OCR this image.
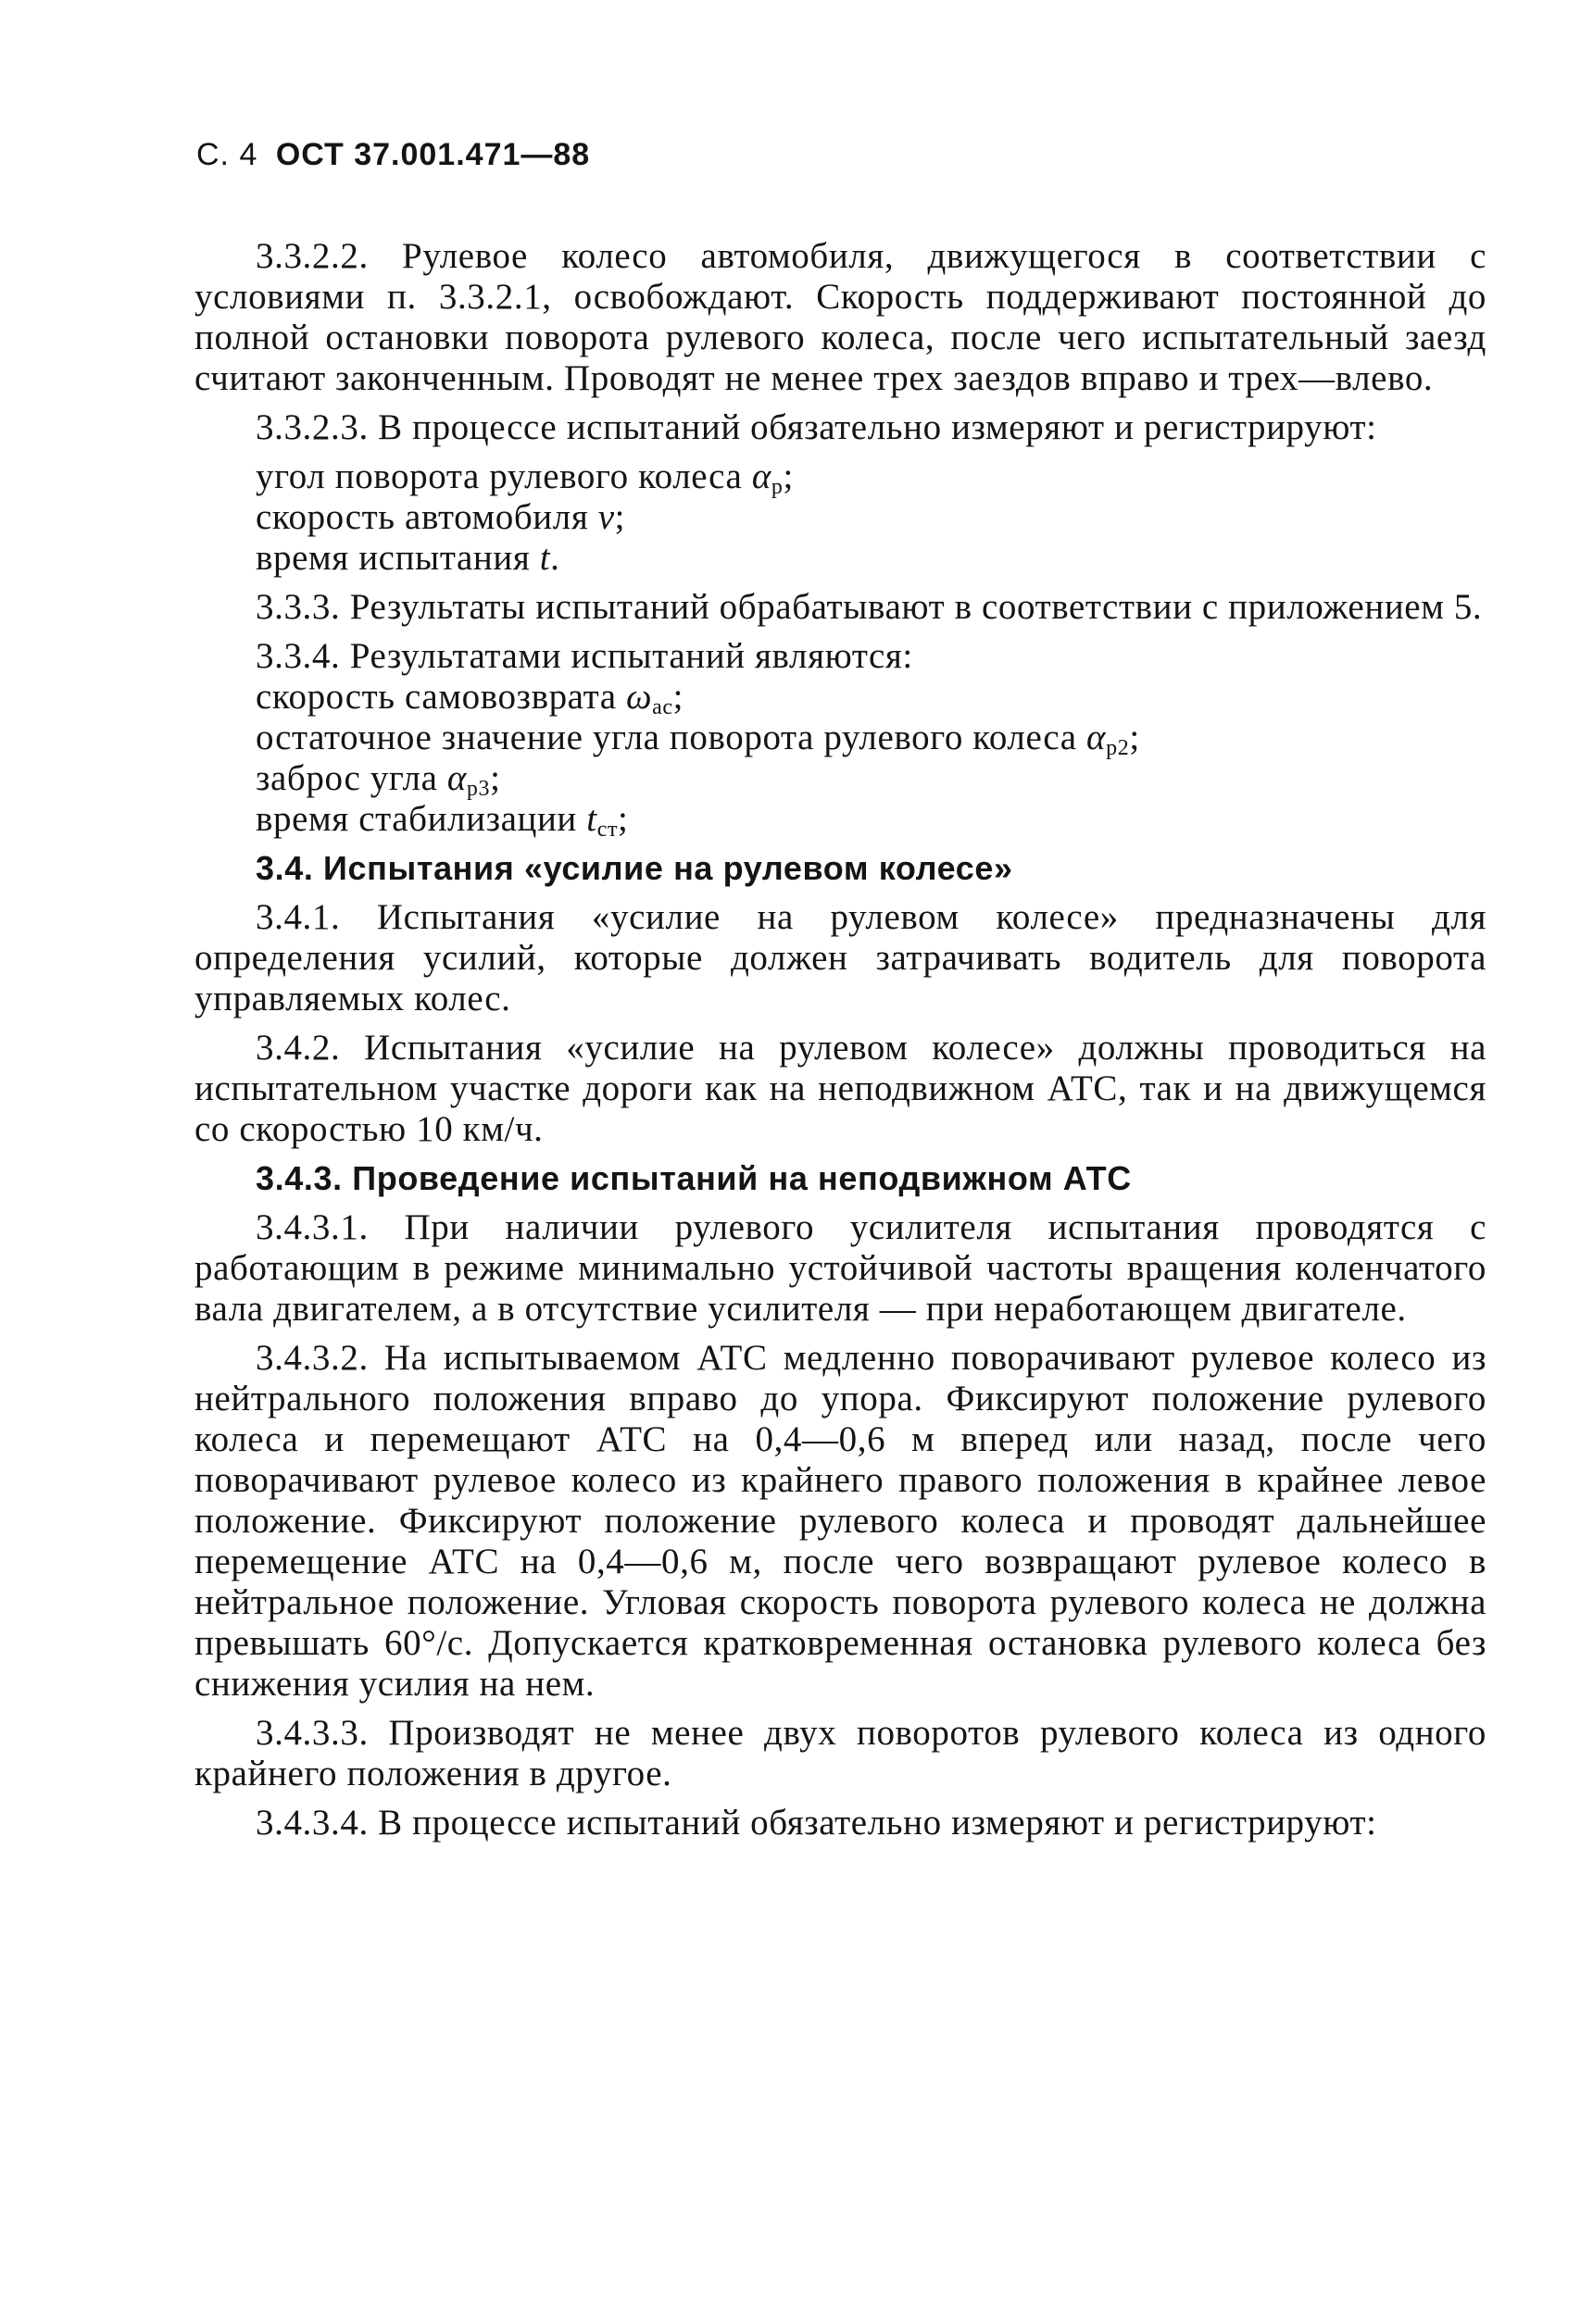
С. 4 ОСТ 37.001.471—88

3.3.2.2. Рулевое колесо автомобиля, движущегося в соответствии с условиями п. 3.3.2.1, освобождают. Скорость поддерживают постоянной до полной остановки поворота рулевого колеса, после чего испытательный заезд считают законченным. Проводят не менее трех заездов вправо и трех—влево.

3.3.2.3. В процессе испытаний обязательно измеряют и регистрируют:

угол поворота рулевого колеса $\alpha_р$;
скорость автомобиля v;
время испытания t.

3.3.3. Результаты испытаний обрабатывают в соответствии с приложением 5.

3.3.4. Результатами испытаний являются:

скорость самовозврата $\omega_{ас}$;
остаточное значение угла поворота рулевого колеса $\alpha_{р2}$;
заброс угла $\alpha_{р3}$;
время стабилизации $t_{ст}$;
3.4. Испытания «усилие на рулевом колесе»

3.4.1. Испытания «усилие на рулевом колесе» предназначены для определения усилий, которые должен затрачивать водитель для поворота управляемых колес.

3.4.2. Испытания «усилие на рулевом колесе» должны проводиться на испытательном участке дороги как на неподвижном АТС, так и на движущемся со скоростью 10 км/ч.

3.4.3. Проведение испытаний на неподвижном АТС

3.4.3.1. При наличии рулевого усилителя испытания проводятся с работающим в режиме минимально устойчивой частоты вращения коленчатого вала двигателем, а в отсутствие усилителя — при неработающем двигателе.

3.4.3.2. На испытываемом АТС медленно поворачивают рулевое колесо из нейтрального положения вправо до упора. Фиксируют положение рулевого колеса и перемещают АТС на 0,4—0,6 м вперед или назад, после чего поворачивают рулевое колесо из крайнего правого положения в крайнее левое положение. Фиксируют положение рулевого колеса и проводят дальнейшее перемещение АТС на 0,4—0,6 м, после чего возвращают рулевое колесо в нейтральное положение. Угловая скорость поворота рулевого колеса не должна превышать 60°/с. Допускается кратковременная остановка рулевого колеса без снижения усилия на нем.

3.4.3.3. Производят не менее двух поворотов рулевого колеса из одного крайнего положения в другое.

3.4.3.4. В процессе испытаний обязательно измеряют и регистрируют:
